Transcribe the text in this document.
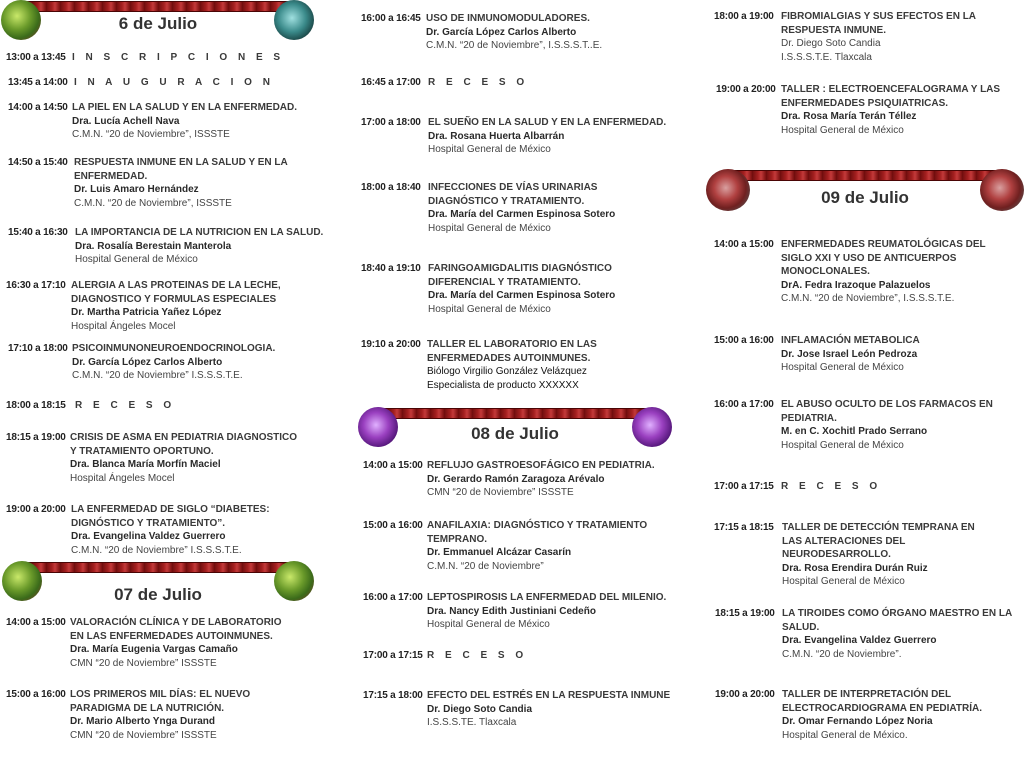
6 de Julio
13:00 a 13:45 I N S C R I P C I O N E S
13:45 a 14:00 I N A U G U R A C I O N
14:00 a 14:50 LA PIEL EN LA SALUD Y EN LA ENFERMEDAD.
Dra. Lucía Achell Nava
C.M.N. “20 de Noviembre”, ISSSTE
14:50 a 15:40 RESPUESTA INMUNE EN LA SALUD Y EN LA ENFERMEDAD.
Dr. Luis Amaro Hernández
C.M.N. “20 de Noviembre”, ISSSTE
15:40 a 16:30 LA IMPORTANCIA DE LA NUTRICION EN LA SALUD.
Dra. Rosalía Berestain Manterola
Hospital General de México
16:30 a 17:10 ALERGIA A LAS PROTEINAS DE LA LECHE, DIAGNOSTICO Y FORMULAS ESPECIALES
Dr. Martha Patricia Yañez López
Hospital Ángeles Mocel
17:10 a 18:00 PSICOINMUNONEUROENDOCRINOLOGIA.
Dr. García López Carlos Alberto
C.M.N. “20 de Noviembre” I.S.S.S.T.E.
18:00 a 18:15 R E C E S O
18:15 a 19:00 CRISIS DE ASMA EN PEDIATRIA DIAGNOSTICO Y TRATAMIENTO OPORTUNO.
Dra. Blanca María Morfín Maciel
Hospital Ángeles Mocel
19:00 a 20:00 LA ENFERMEDAD DE SIGLO “DIABETES: DIGNÓSTICO Y TRATAMIENTO”.
Dra. Evangelina Valdez Guerrero
C.M.N. “20 de Noviembre” I.S.S.S.T.E.
07 de Julio
14:00 a 15:00 VALORACIÓN CLÍNICA Y DE LABORATORIO EN LAS ENFERMEDADES AUTOINMUNES.
Dra. María Eugenia Vargas Camaño
CMN “20 de Noviembre” ISSSTE
15:00 a 16:00 LOS PRIMEROS MIL DÍAS: EL NUEVO PARADIGMA DE LA NUTRICIÓN.
Dr. Mario Alberto Ynga Durand
CMN “20 de Noviembre” ISSSTE
16:00 a 16:45 USO DE INMUNOMODULADORES.
Dr. García López Carlos Alberto
C.M.N. “20 de Noviembre”, I.S.S.S.T..E.
16:45 a 17:00 R E C E S O
17:00 a 18:00 EL SUEÑO EN LA SALUD Y EN LA ENFERMEDAD.
Dra. Rosana Huerta Albarrán
Hospital General de México
18:00 a 18:40 INFECCIONES DE VÍAS URINARIAS DIAGNÓSTICO Y TRATAMIENTO.
Dra. María del Carmen Espinosa Sotero
Hospital General de México
18:40 a 19:10 FARINGOAMIGDALITIS DIAGNÓSTICO DIFERENCIAL Y TRATAMIENTO.
Dra. María del Carmen Espinosa Sotero
Hospital General de México
19:10 a 20:00 TALLER EL LABORATORIO EN LAS ENFERMEDADES AUTOINMUNES.
Biólogo Virgilio González Velázquez
Especialista de producto XXXXXX
08 de Julio
14:00 a 15:00 REFLUJO GASTROESOFÁGICO EN PEDIATRIA.
Dr. Gerardo Ramón Zaragoza Arévalo
CMN “20 de Noviembre” ISSSTE
15:00 a 16:00 ANAFILAXIA: DIAGNÓSTICO Y TRATAMIENTO TEMPRANO.
Dr. Emmanuel Alcázar Casarín
C.M.N. “20 de Noviembre”
16:00 a 17:00 LEPTOSPIROSIS LA ENFERMEDAD DEL MILENIO.
Dra. Nancy Edith Justiniani Cedeño
Hospital General de México
17:00 a 17:15 R E C E S O
17:15 a 18:00 EFECTO DEL ESTRÉS EN LA RESPUESTA INMUNE
Dr. Diego Soto Candia
I.S.S.S.TE. Tlaxcala
18:00 a 19:00 FIBROMIALGIAS Y SUS EFECTOS EN LA RESPUESTA INMUNE.
Dr. Diego Soto Candia
I.S.S.S.T.E. Tlaxcala
19:00 a 20:00 TALLER : ELECTROENCEFALOGRAMA Y LAS ENFERMEDADES PSIQUIATRICAS.
Dra. Rosa María Terán Téllez
Hospital General de México
09 de Julio
14:00 a 15:00 ENFERMEDADES REUMATOLÓGICAS DEL SIGLO XXI Y USO DE ANTICUERPOS MONOCLONALES.
DrA. Fedra Irazoque Palazuelos
C.M.N. “20 de Noviembre”, I.S.S.S.T.E.
15:00 a 16:00 INFLAMACIÓN METABOLICA
Dr. Jose Israel León Pedroza
Hospital General de México
16:00 a 17:00 EL ABUSO OCULTO DE LOS FARMACOS EN PEDIATRIA.
M. en C. Xochitl Prado Serrano
Hospital General de México
17:00 a 17:15 R E C E S O
17:15 a 18:15 TALLER DE DETECCIÓN TEMPRANA EN LAS ALTERACIONES DEL NEURODESARROLLO.
Dra. Rosa Erendira Durán Ruiz
Hospital General de México
18:15 a 19:00 LA TIROIDES COMO ÓRGANO MAESTRO EN LA SALUD.
Dra. Evangelina Valdez Guerrero
C.M.N. “20 de Noviembre”.
19:00 a 20:00 TALLER DE INTERPRETACIÓN DEL ELECTROCARDIOGRAMA EN PEDIATRÍA.
Dr. Omar Fernando López Noria
Hospital General de México.
